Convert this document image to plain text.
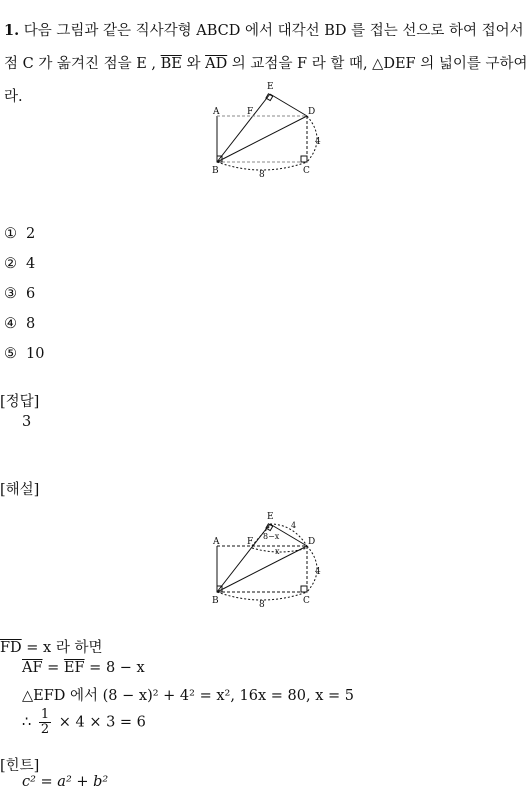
1. 다음 그림과 같은 직사각형 ABCD 에서 대각선 BD 를 접는 선으로 하여 접어서 점 C 가 옮겨진 점을 E , $\overline{BE}$ 와 $\overline{AD}$ 의 교점을 F 라 할 때, △DEF 의 넓이를 구하여라.
A
B	C
D
E
F
8
4
① 2
② 4
③ 6
④ 8
⑤ 10
[정답]
3
[해설]
A
B	C
D
E
F
8
4
4
8−x
x
$\overline{FD} = x$ 라 하면
$\overline{AF} = \overline{EF} = 8 - x$
△EFD 에서 (8 − x)² + 4² = x², 16x = 80, x = 5
∴ $\frac{1}{2} \times 4 \times 3 = 6$
[힌트]
c² = a² + b²
